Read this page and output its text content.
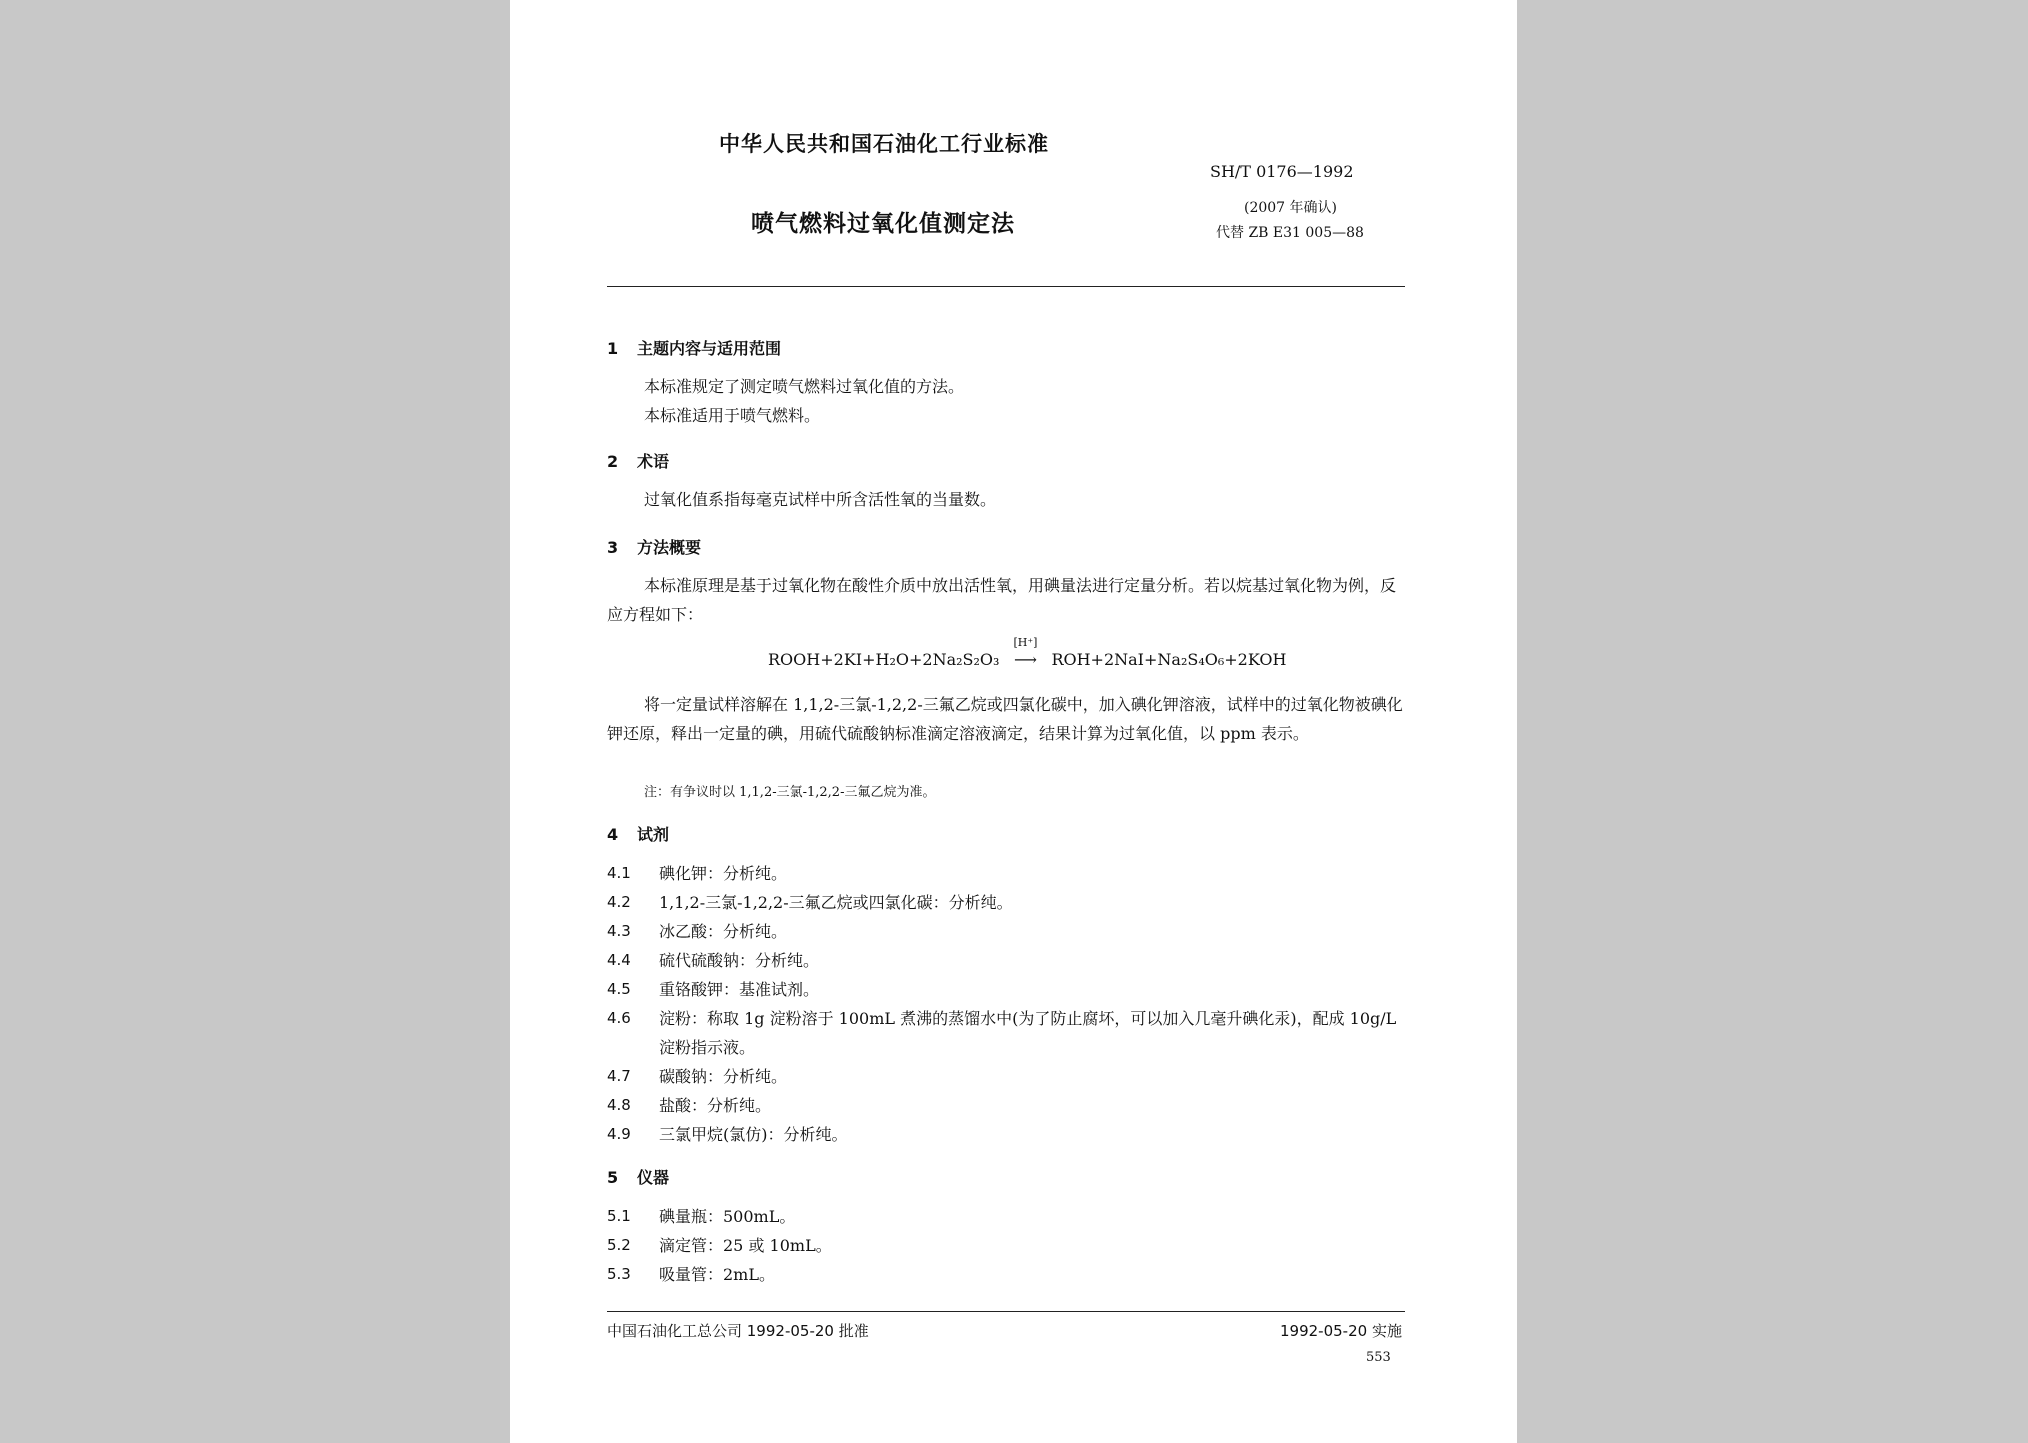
中华人民共和国石油化工行业标准
SH/T 0176—1992
喷气燃料过氧化值测定法
(2007 年确认)
代替 ZB E31 005—88
1 主题内容与适用范围

本标准规定了测定喷气燃料过氧化值的方法。

本标准适用于喷气燃料。

2 术语

过氧化值系指每毫克试样中所含活性氧的当量数。

3 方法概要

本标准原理是基于过氧化物在酸性介质中放出活性氧，用碘量法进行定量分析。若以烷基过氧化物为例，反应方程如下：

ROOH+2KI+H₂O+2Na₂S₂O₃
[H⁺]
⟶ ROH+2NaI+Na₂S₄O₆+2KOH

将一定量试样溶解在 1,1,2-三氯-1,2,2-三氟乙烷或四氯化碳中，加入碘化钾溶液，试样中的过氧化物被碘化钾还原，释出一定量的碘，用硫代硫酸钠标准滴定溶液滴定，结果计算为过氧化值，以 ppm 表示。

注：有争议时以 1,1,2-三氯-1,2,2-三氟乙烷为准。
4 试剂
4.1 碘化钾：分析纯。
4.2 1,1,2-三氯-1,2,2-三氟乙烷或四氯化碳：分析纯。
4.3 冰乙酸：分析纯。
4.4 硫代硫酸钠：分析纯。
4.5 重铬酸钾：基准试剂。
4.6 淀粉：称取 1g 淀粉溶于 100mL 煮沸的蒸馏水中(为了防止腐坏，可以加入几毫升碘化汞)，配成 10g/L 淀粉指示液。
4.7 碳酸钠：分析纯。
4.8 盐酸：分析纯。
4.9 三氯甲烷(氯仿)：分析纯。
5 仪器
5.1 碘量瓶：500mL。
5.2 滴定管：25 或 10mL。
5.3 吸量管：2mL。
中国石油化工总公司 1992-05-20 批准	1992-05-20 实施
553
